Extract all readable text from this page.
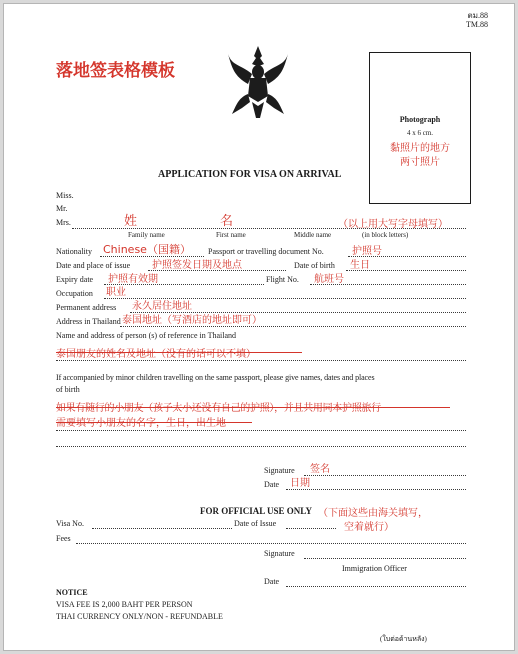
ตม.88
TM.88
落地签表格模板
Photograph
4 x 6 cm.
黏照片的地方
两寸照片
APPLICATION FOR VISA ON ARRIVAL
Miss.
Mr.
Mrs.	姓	名	（以上用大写字母填写）
Family name	First name	Middle name	(in block letters)
Nationality Chinese（国籍） Passport or travelling document No.	护照号
Date and place of issue 护照签发日期及地点	Date of birth 生日
Expiry date 护照有效期	Flight No. 航班号
Occupation 职业
Permanent address 永久居住地址
Address in Thailand 泰国地址（写酒店的地址即可）
Name and address of person (s) of reference in Thailand
泰国朋友的姓名及地址（没有的话可以不填）
If accompanied by minor children travelling on the same passport, please give names, dates and places
of birth
如果有随行的小朋友（孩子太小还没有自己的护照），并且共用同本护照旅行
需要填写小朋友的名字，生日，出生地
Signature 签名
Date 日期
FOR OFFICIAL USE ONLY （下面这些由海关填写，
空着就行）
Visa No.	Date of Issue
Fees
Signature
Immigration Officer
Date
NOTICE
VISA FEE IS 2,000 BAHT PER PERSON
THAI CURRENCY ONLY/NON - REFUNDABLE
(ใบต่อด้านหลัง)
